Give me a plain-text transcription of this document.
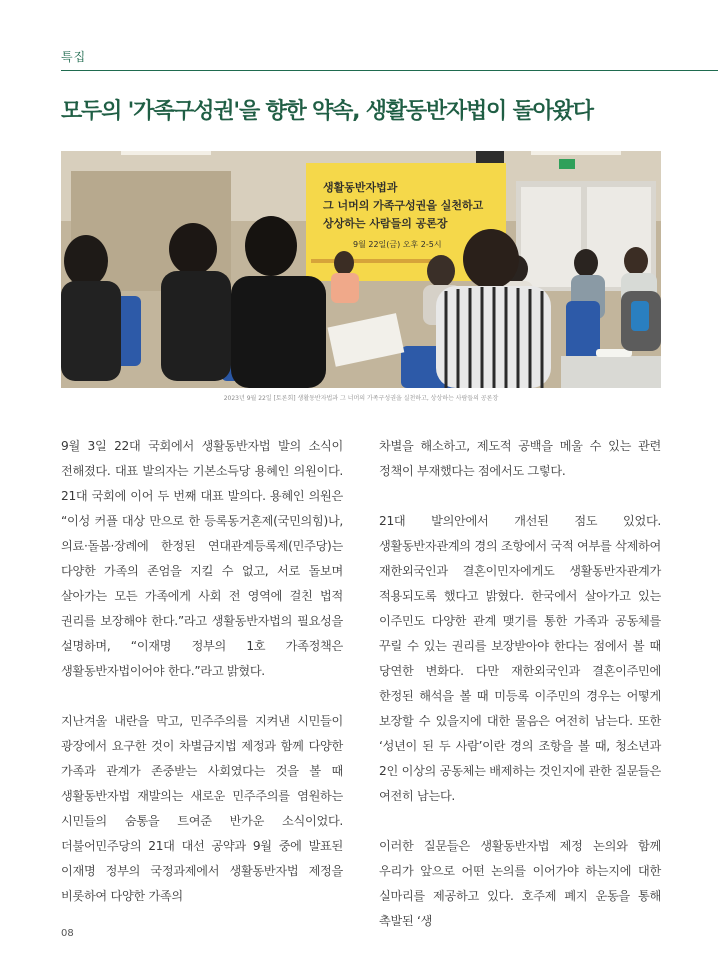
특집
모두의 '가족구성권'을 향한 약속, 생활동반자법이 돌아왔다
생활동반자법과
그 너머의 가족구성권을 실천하고
상상하는 사람들의 공론장
9월 22일(금) 오후 2-5시
2023년 9월 22일 [토론회] 생활동반자법과 그 너머의 가족구성권을 실천하고, 상상하는 사람들의 공론장

9월 3일 22대 국회에서 생활동반자법 발의 소식이 전해졌다. 대표 발의자는 기본소득당 용혜인 의원이다. 21대 국회에 이어 두 번째 대표 발의다. 용혜인 의원은 “이성 커플 대상 만으로 한 등록동거혼제(국민의힘)나, 의료·돌봄·장례에 한정된 연대관계등록제(민주당)는 다양한 가족의 존엄을 지킬 수 없고, 서로 돌보며 살아가는 모든 가족에게 사회 전 영역에 걸친 법적 권리를 보장해야 한다.”라고 생활동반자법의 필요성을 설명하며, “이재명 정부의 1호 가족정책은 생활동반자법이어야 한다.”라고 밝혔다.

지난겨울 내란을 막고, 민주주의를 지켜낸 시민들이 광장에서 요구한 것이 차별금지법 제정과 함께 다양한 가족과 관계가 존중받는 사회였다는 것을 볼 때 생활동반자법 재발의는 새로운 민주주의를 염원하는 시민들의 숨통을 트여준 반가운 소식이었다. 더불어민주당의 21대 대선 공약과 9월 중에 발표된 이재명 정부의 국정과제에서 생활동반자법 제정을 비롯하여 다양한 가족의

차별을 해소하고, 제도적 공백을 메울 수 있는 관련 정책이 부재했다는 점에서도 그렇다.

21대 발의안에서 개선된 점도 있었다. 생활동반자관계의 경의 조항에서 국적 여부를 삭제하여 재한외국인과 결혼이민자에게도 생활동반자관계가 적용되도록 했다고 밝혔다. 한국에서 살아가고 있는 이주민도 다양한 관계 맺기를 통한 가족과 공동체를 꾸릴 수 있는 권리를 보장받아야 한다는 점에서 볼 때 당연한 변화다. 다만 재한외국인과 결혼이주민에 한정된 해석을 볼 때 미등록 이주민의 경우는 어떻게 보장할 수 있을지에 대한 물음은 여전히 남는다. 또한 ‘성년이 된 두 사람’이란 경의 조항을 볼 때, 청소년과 2인 이상의 공동체는 배제하는 것인지에 관한 질문들은 여전히 남는다.

이러한 질문들은 생활동반자법 제정 논의와 함께 우리가 앞으로 어떤 논의를 이어가야 하는지에 대한 실마리를 제공하고 있다. 호주제 폐지 운동을 통해 촉발된 ‘생

08
